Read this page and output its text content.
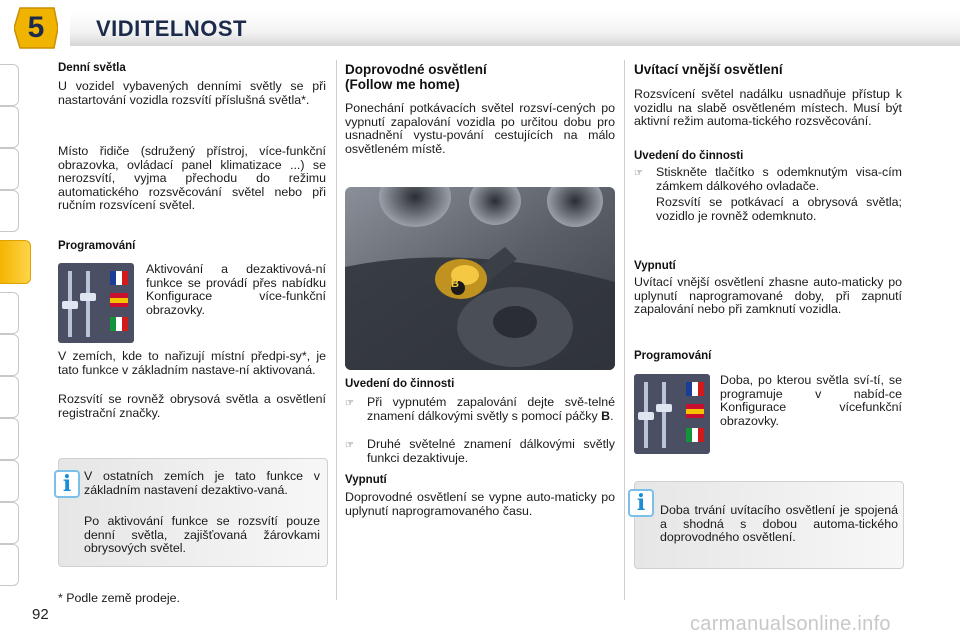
5	VIDITELNOST
Denní světla

U vozidel vybavených denními světly se při nastartování vozidla rozsvítí příslušná světla*.

Místo řidiče (sdružený přístroj, více-funkční obrazovka, ovládací panel klimatizace ...) se nerozsvítí, vyjma přechodu do režimu automatického rozsvěcování světel nebo při ručním rozsvícení světel.

Programování

Aktivování a dezaktivová-ní funkce se provádí přes nabídku Konfigurace více-funkční obrazovky.

V zemích, kde to nařizují místní předpi-sy*, je tato funkce v základním nastave-ní aktivovaná.

Rozsvítí se rovněž obrysová světla a osvětlení registrační značky.

i	V ostatních zemích je tato funkce v základním nastavení dezaktivo-vaná.

Po aktivování funkce se rozsvítí pouze denní světla, zajišťovaná žárovkami obrysových světel.

* Podle země prodeje.

Doprovodné osvětlení
(Follow me home)

Ponechání potkávacích světel rozsví-cených po vypnutí zapalování vozidla po určitou dobu pro usnadnění vystu-pování cestujících na málo osvětleném místě.

B
Uvedení do činnosti
☞	Při vypnutém zapalování dejte svě-telné znamení dálkovými světly s pomocí páčky B.
☞	Druhé světelné znamení dálkovými světly funkci dezaktivuje.
Vypnutí

Doprovodné osvětlení se vypne auto-maticky po uplynutí naprogramovaného času.

Uvítací vnější osvětlení

Rozsvícení světel nadálku usnadňuje přístup k vozidlu na slabě osvětleném místech. Musí být aktivní režim automa-tického rozsvěcování.

Uvedení do činnosti
☞	Stiskněte tlačítko s odemknutým visa-cím zámkem dálkového ovladače.

Rozsvítí se potkávací a obrysová světla; vozidlo je rovněž odemknuto.

Vypnutí

Uvítací vnější osvětlení zhasne auto-maticky po uplynutí naprogramované doby, při zapnutí zapalování nebo při zamknutí vozidla.

Programování

Doba, po kterou světla sví-tí, se programuje v nabíd-ce Konfigurace vícefunkční obrazovky.

i	Doba trvání uvítacího osvětlení je spojená a shodná s dobou automa-tického doprovodného osvětlení.

92	carmanualsonline.info
